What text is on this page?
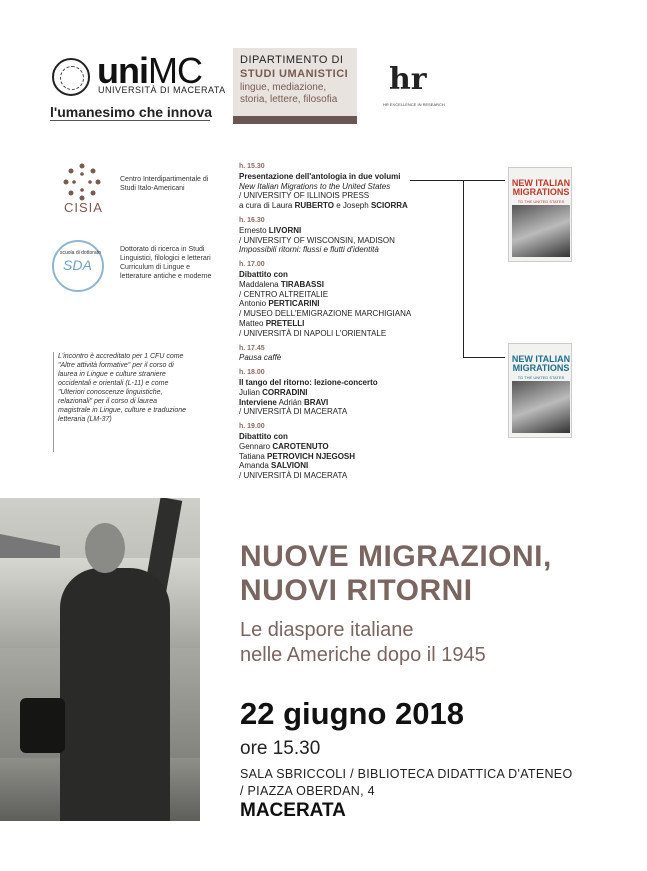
uniMC
UNIVERSITÀ DI MACERATA
l'umanesimo che innova
DIPARTIMENTO DI
STUDI UMANISTICI
lingue, mediazione, storia, lettere, filosofia
hr
HR EXCELLENCE IN RESEARCH
CISIA
Centro Interdipartimentale di Studi Italo-Americani
scuola di dottorato
SDA
Dottorato di ricerca in Studi Linguistici, filologici e letterari Curriculum di Lingue e letterature antiche e moderne
L'incontro è accreditato per 1 CFU come "Altre attività formative" per il corso di laurea in Lingue e culture straniere occidentali e orientali (L-11) e come "Ulteriori conoscenze linguistiche, relazionali" per il corso di laurea magistrale in Lingue, culture e traduzione letteraria (LM-37)

h. 15.30

Presentazione dell'antologia in due volumi

New Italian Migrations to the United States

/ UNIVERSITY OF ILLINOIS PRESS

a cura di Laura RUBERTO e Joseph SCIORRA

h. 16.30

Ernesto LIVORNI

/ UNIVERSITY OF WISCONSIN, MADISON

Impossibili ritorni: flussi e flutti d'identità

h. 17.00

Dibattito con

Maddalena TIRABASSI

/ CENTRO ALTREITALIE

Antonio PERTICARINI

/ MUSEO DELL'EMIGRAZIONE MARCHIGIANA

Matteo PRETELLI

/ UNIVERSITÀ DI NAPOLI L'ORIENTALE

h. 17.45

Pausa caffè

h. 18.00

Il tango del ritorno: lezione-concerto

Julian CORRADINI

Interviene Adrián BRAVI

/ UNIVERSITÀ DI MACERATA

h. 19.00

Dibattito con

Gennaro CAROTENUTO

Tatiana PETROVICH NJEGOSH

Amanda SALVIONI

/ UNIVERSITÀ DI MACERATA

NEW ITALIAN MIGRATIONS
TO THE UNITED STATES
NEW ITALIAN MIGRATIONS
TO THE UNITED STATES
NUOVE MIGRAZIONI,
NUOVI RITORNI
Le diaspore italiane
nelle Americhe dopo il 1945
22 giugno 2018
ore 15.30
SALA SBRICCOLI / BIBLIOTECA DIDATTICA D'ATENEO
/ PIAZZA OBERDAN, 4
MACERATA
